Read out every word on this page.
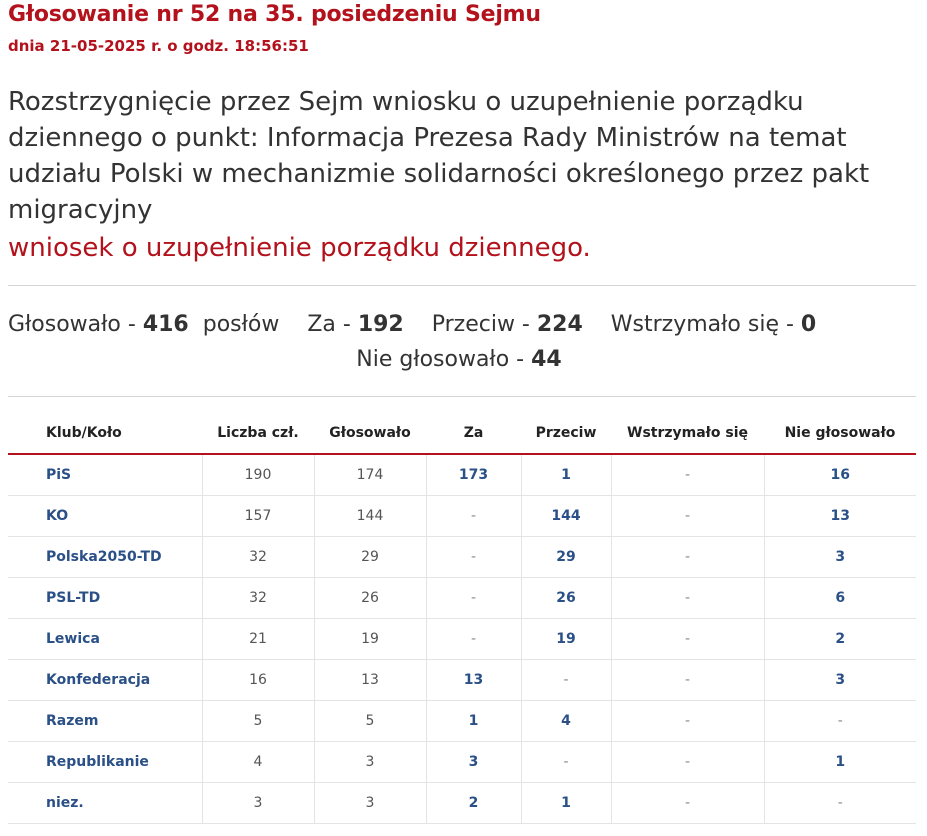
Głosowanie nr 52 na 35. posiedzeniu Sejmu
dnia 21-05-2025 r. o godz. 18:56:51
Rozstrzygnięcie przez Sejm wniosku o uzupełnienie porządku dziennego o punkt: Informacja Prezesa Rady Ministrów na temat udziału Polski w mechanizmie solidarności określonego przez pakt migracyjny
wniosek o uzupełnienie porządku dziennego.
Głosowało - 416 posłów Za - 192 Przeciw - 224 Wstrzymało się - 0
Nie głosowało - 44
Klub/Koło	Liczba czł.	Głosowało	Za	Przeciw	Wstrzymało się	Nie głosowało
PiS	190	174	173	1	-	16
KO	157	144	-	144	-	13
Polska2050-TD	32	29	-	29	-	3
PSL-TD	32	26	-	26	-	6
Lewica	21	19	-	19	-	2
Konfederacja	16	13	13	-	-	3
Razem	5	5	1	4	-	-
Republikanie	4	3	3	-	-	1
niez.	3	3	2	1	-	-
